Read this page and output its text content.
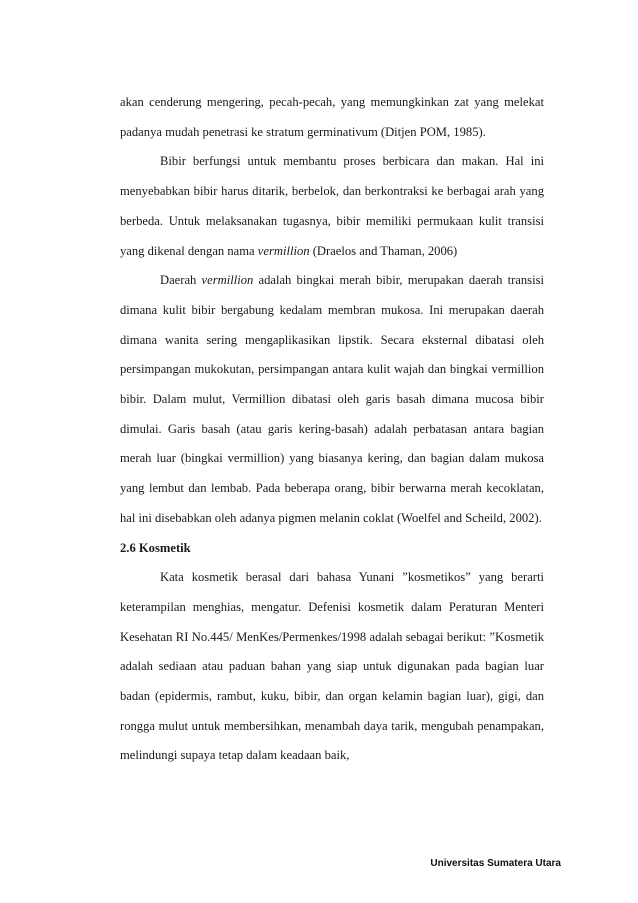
akan cenderung mengering, pecah-pecah, yang memungkinkan zat yang melekat padanya mudah penetrasi ke stratum germinativum (Ditjen POM, 1985).

Bibir berfungsi untuk membantu proses berbicara dan makan. Hal ini menyebabkan bibir harus ditarik, berbelok, dan berkontraksi ke berbagai arah yang berbeda. Untuk melaksanakan tugasnya, bibir memiliki permukaan kulit transisi yang dikenal dengan nama vermillion (Draelos and Thaman, 2006)

Daerah vermillion adalah bingkai merah bibir, merupakan daerah transisi dimana kulit bibir bergabung kedalam membran mukosa. Ini merupakan daerah dimana wanita sering mengaplikasikan lipstik. Secara eksternal dibatasi oleh persimpangan mukokutan, persimpangan antara kulit wajah dan bingkai vermillion bibir. Dalam mulut, Vermillion dibatasi oleh garis basah dimana mucosa bibir dimulai. Garis basah (atau garis kering-basah) adalah perbatasan antara bagian merah luar (bingkai vermillion) yang biasanya kering, dan bagian dalam mukosa yang lembut dan lembab. Pada beberapa orang, bibir berwarna merah kecoklatan, hal ini disebabkan oleh adanya pigmen melanin coklat (Woelfel and Scheild, 2002).

2.6 Kosmetik

Kata kosmetik berasal dari bahasa Yunani ”kosmetikos” yang berarti keterampilan menghias, mengatur. Defenisi kosmetik dalam Peraturan Menteri Kesehatan RI No.445/ MenKes/Permenkes/1998 adalah sebagai berikut: ”Kosmetik adalah sediaan atau paduan bahan yang siap untuk digunakan pada bagian luar badan (epidermis, rambut, kuku, bibir, dan organ kelamin bagian luar), gigi, dan rongga mulut untuk membersihkan, menambah daya tarik, mengubah penampakan, melindungi supaya tetap dalam keadaan baik,

Universitas Sumatera Utara
